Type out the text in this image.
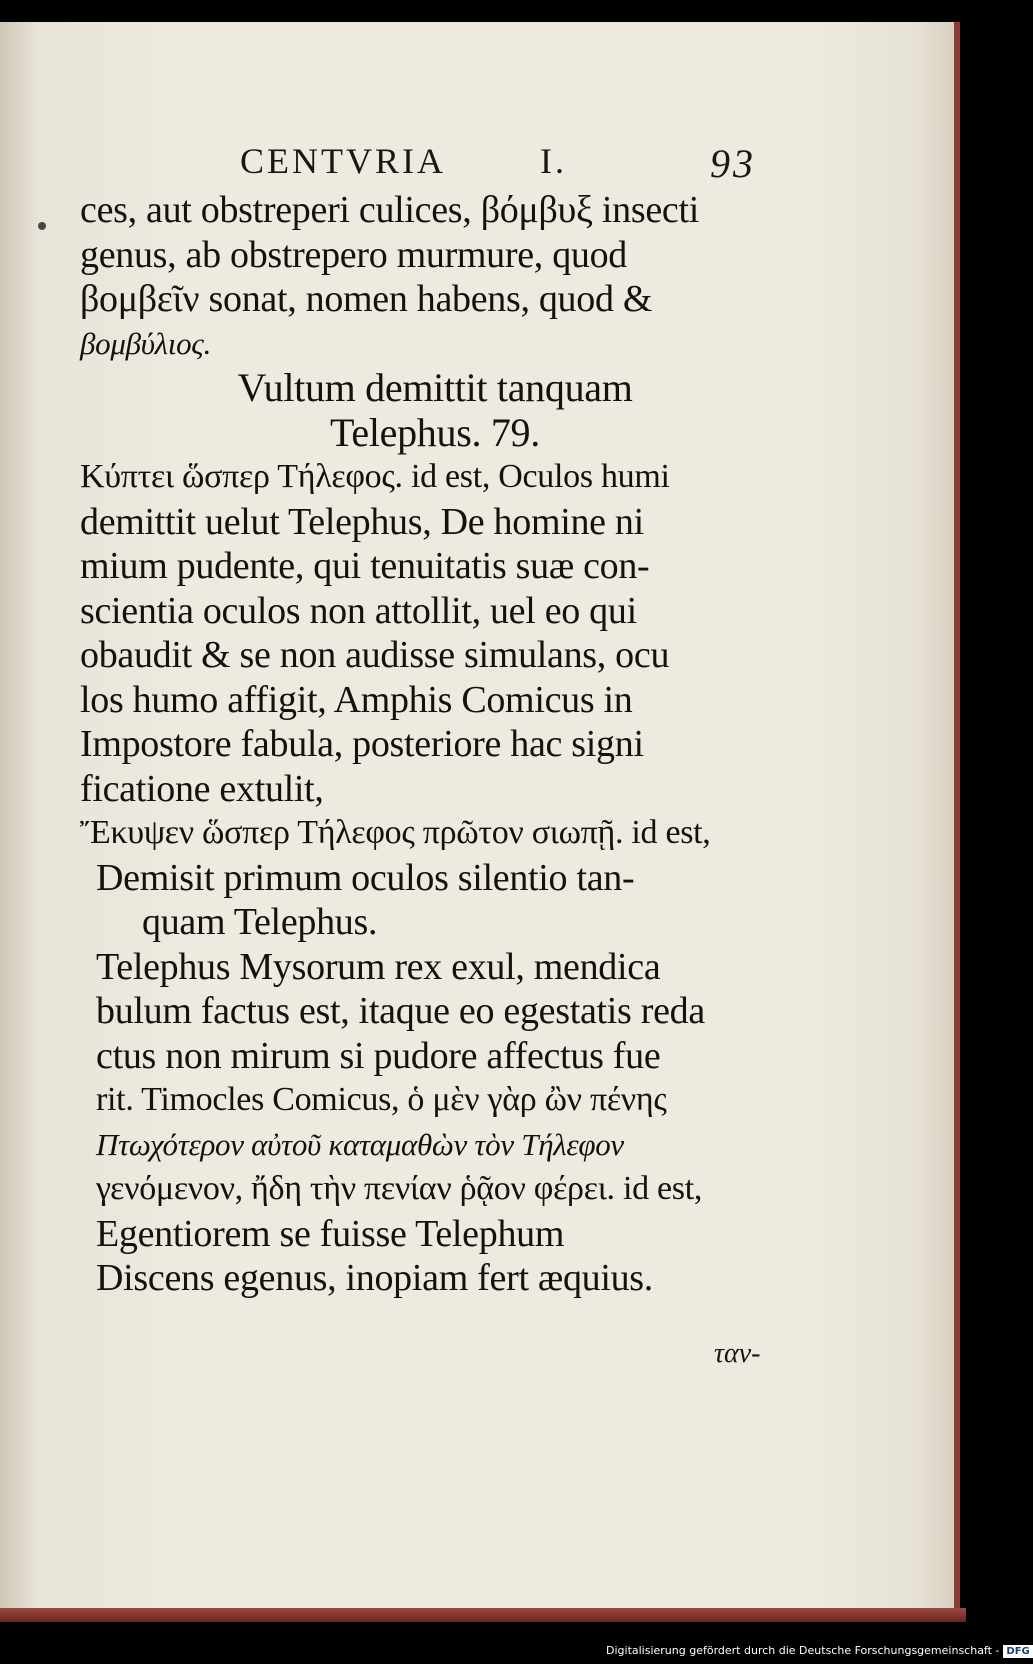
CENTVRIA	I.	93
ces, aut obstreperi culices, βόμβυξ insecti
genus, ab obstrepero murmure, quod
βομβεῖν sonat, nomen habens, quod &
βομβύλιος.
Vultum demittit tanquam
Telephus. 79.
Κύπτει ὥσπερ Τήλεφος. id est, Oculos humi
demittit uelut Telephus, De homine ni
mium pudente, qui tenuitatis suæ con-
scientia oculos non attollit, uel eo qui
obaudit & se non audisse simulans, ocu
los humo affigit, Amphis Comicus in
Impostore fabula, posteriore hac signi
ficatione extulit,
Ἔκυψεν ὥσπερ Τήλεφος πρῶτον σιωπῇ. id est,
Demisit primum oculos silentio tan-
quam Telephus.
Telephus Mysorum rex exul, mendica
bulum factus est, itaque eo egestatis reda
ctus non mirum si pudore affectus fue
rit. Timocles Comicus, ὁ μὲν γὰρ ὢν πένης
Πτωχότερον αὐτοῦ καταμαθὼν τὸν Τήλεφον
γενόμενον, ἤδη τὴν πενίαν ῥᾷον φέρει. id est,
Egentiorem se fuisse Telephum
Discens egenus, inopiam fert æquius.
ταν-
Digitalisierung gefördert durch die Deutsche Forschungsgemeinschaft - DFG
